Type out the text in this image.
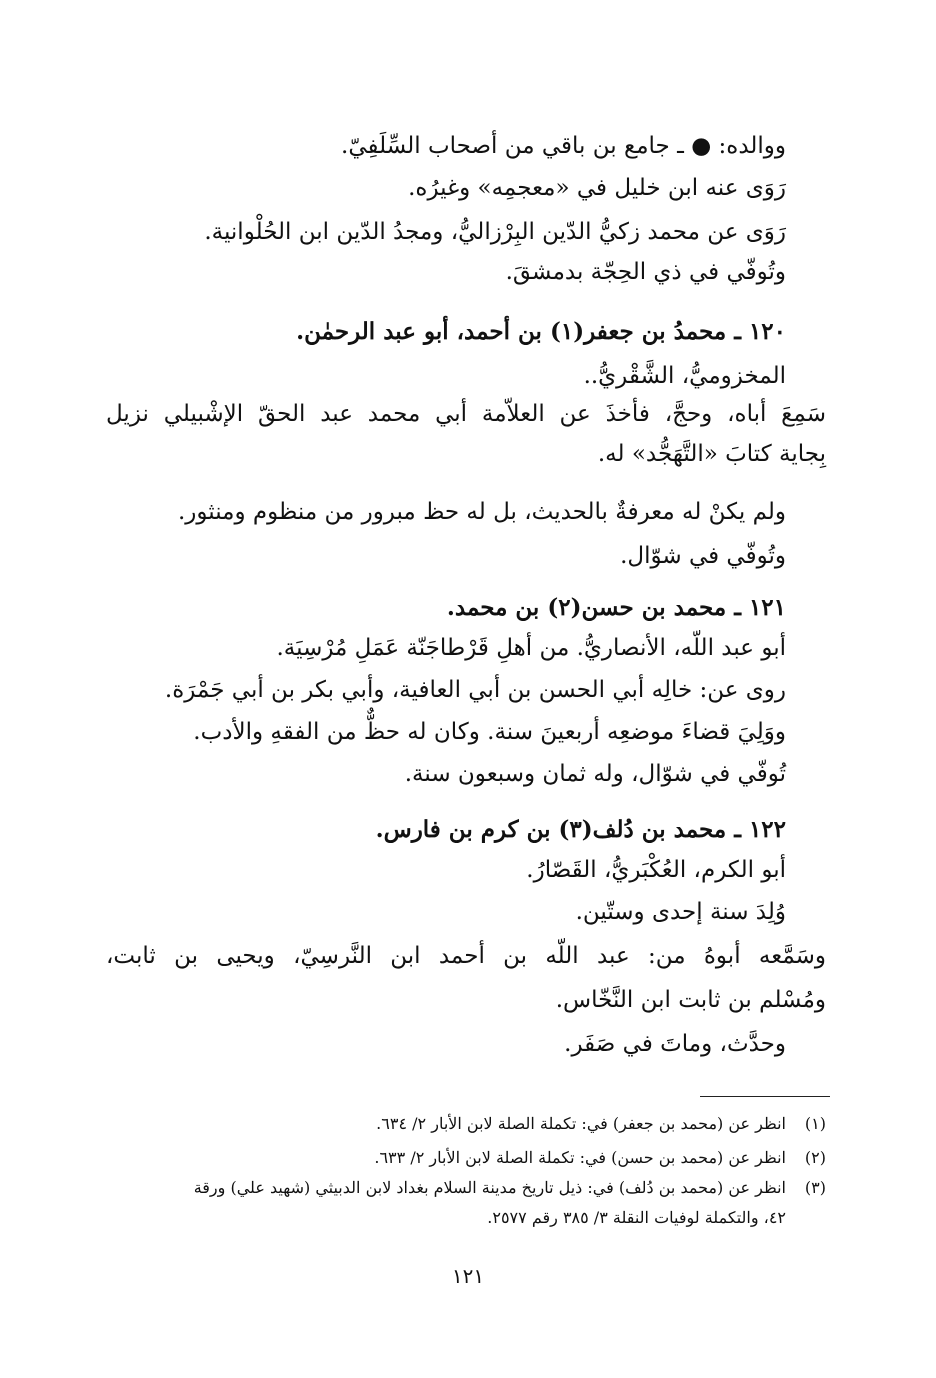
ووالده: ● ـ جامع بن باقي من أصحاب السِّلَفِيّ.
رَوَى عنه ابن خليل في «معجمِه» وغيرُه.
رَوَى عن محمد زكيُّ الدّين البِرْزاليُّ، ومجدُ الدّين ابن الحُلْوانية.
وتُوفّي في ذي الحِجّة بدمشقَ.
١٢٠ ـ محمدُ بن جعفر(١) بن أحمد، أبو عبد الرحمٰن.
المخزوميُّ، الشَّقْريُّ..
سَمِعَ أباه، وحجَّ، فأخذَ عن العلاّمة أبي محمد عبد الحقّ الإشْبيلي نزيل
بِجاية كتابَ «التَّهَجُّد» له.
ولم يكنْ له معرفةٌ بالحديث، بل له حظ مبرور من منظوم ومنثور.
وتُوفّي في شوّال.
١٢١ ـ محمد بن حسن(٢) بن محمد.
أبو عبد اللّه، الأنصاريُّ. من أهلِ قَرْطاجَنّة عَمَلِ مُرْسِيَة.
روى عن: خالِه أبي الحسن بن أبي العافية، وأبي بكر بن أبي جَمْرَة.
ووَلِيَ قضاءَ موضعِه أربعينَ سنة. وكان له حظٌّ من الفقهِ والأدب.
تُوفّي في شوّال، وله ثمان وسبعون سنة.
١٢٢ ـ محمد بن دُلف(٣) بن كرم بن فارس.
أبو الكرم، العُكْبَريُّ، القَصّارُ.
وُلِدَ سنة إحدى وستّين.
وسَمَّعه أبوهُ من: عبد اللّه بن أحمد ابن النَّرسِيّ، ويحيى بن ثابت،
ومُسْلم بن ثابت ابن النَّخّاس.
وحدَّث، وماتَ في صَفَر.
(١)انظر عن (محمد بن جعفر) في: تكملة الصلة لابن الأبار ٢/ ٦٣٤.
(٢)انظر عن (محمد بن حسن) في: تكملة الصلة لابن الأبار ٢/ ٦٣٣.
(٣)انظر عن (محمد بن دُلف) في: ذيل تاريخ مدينة السلام بغداد لابن الدبيثي (شهيد علي) ورقة
٤٢، والتكملة لوفيات النقلة ٣/ ٣٨٥ رقم ٢٥٧٧.
١٢١
